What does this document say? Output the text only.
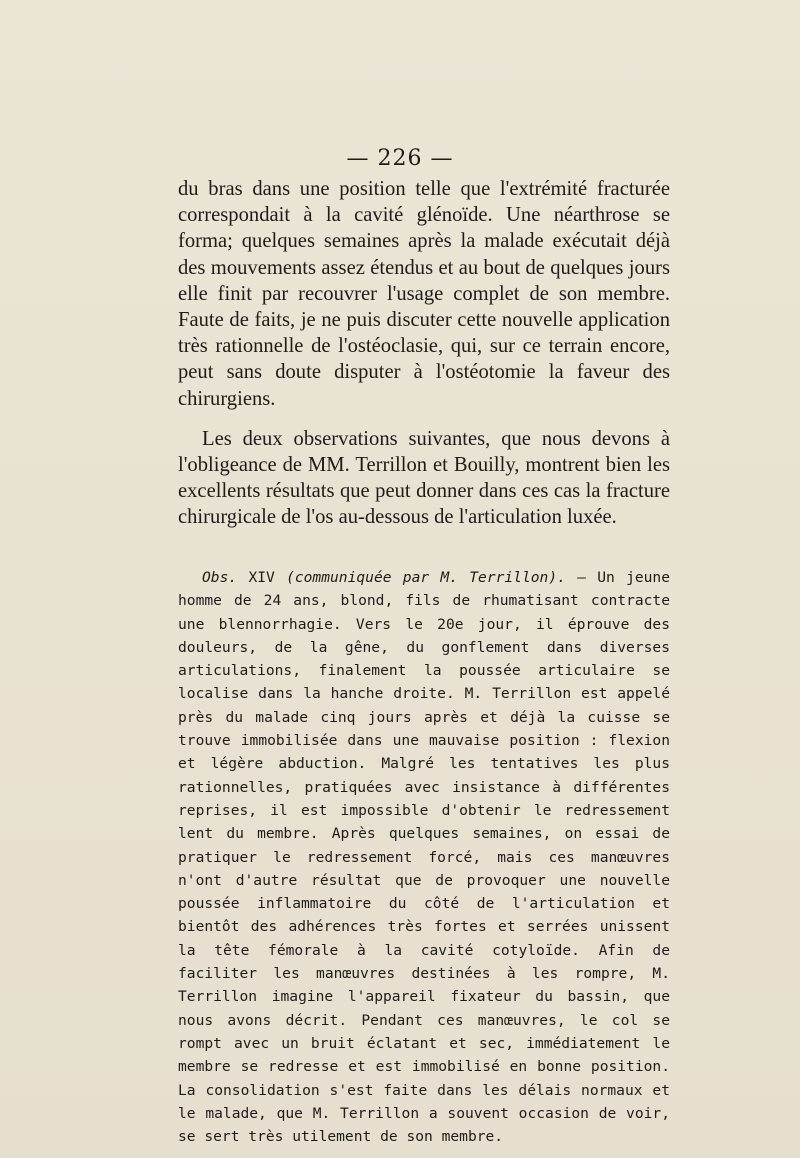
— 226 —

du bras dans une position telle que l'extrémité fracturée correspondait à la cavité glénoïde. Une néarthrose se forma; quelques semaines après la malade exécutait déjà des mouvements assez étendus et au bout de quelques jours elle finit par recouvrer l'usage complet de son membre. Faute de faits, je ne puis discuter cette nouvelle application très rationnelle de l'ostéoclasie, qui, sur ce terrain encore, peut sans doute disputer à l'ostéotomie la faveur des chirurgiens.

Les deux observations suivantes, que nous devons à l'obligeance de MM. Terrillon et Bouilly, montrent bien les excellents résultats que peut donner dans ces cas la fracture chirurgicale de l'os au-dessous de l'articulation luxée.

Obs. XIV (communiquée par M. Terrillon). — Un jeune homme de 24 ans, blond, fils de rhumatisant contracte une blennorrhagie. Vers le 20e jour, il éprouve des douleurs, de la gêne, du gonflement dans diverses articulations, finalement la poussée articulaire se localise dans la hanche droite. M. Terrillon est appelé près du malade cinq jours après et déjà la cuisse se trouve immobilisée dans une mauvaise position : flexion et légère abduction. Malgré les tentatives les plus rationnelles, pratiquées avec insistance à différentes reprises, il est impossible d'obtenir le redressement lent du membre. Après quelques semaines, on essai de pratiquer le redressement forcé, mais ces manœuvres n'ont d'autre résultat que de provoquer une nouvelle poussée inflammatoire du côté de l'articulation et bientôt des adhérences très fortes et serrées unissent la tête fémorale à la cavité cotyloïde. Afin de faciliter les manœuvres destinées à les rompre, M. Terrillon imagine l'appareil fixateur du bassin, que nous avons décrit. Pendant ces manœuvres, le col se rompt avec un bruit éclatant et sec, immédiatement le membre se redresse et est immobilisé en bonne position. La consolidation s'est faite dans les délais normaux et le malade, que M. Terrillon a souvent occasion de voir, se sert très utilement de son membre.
